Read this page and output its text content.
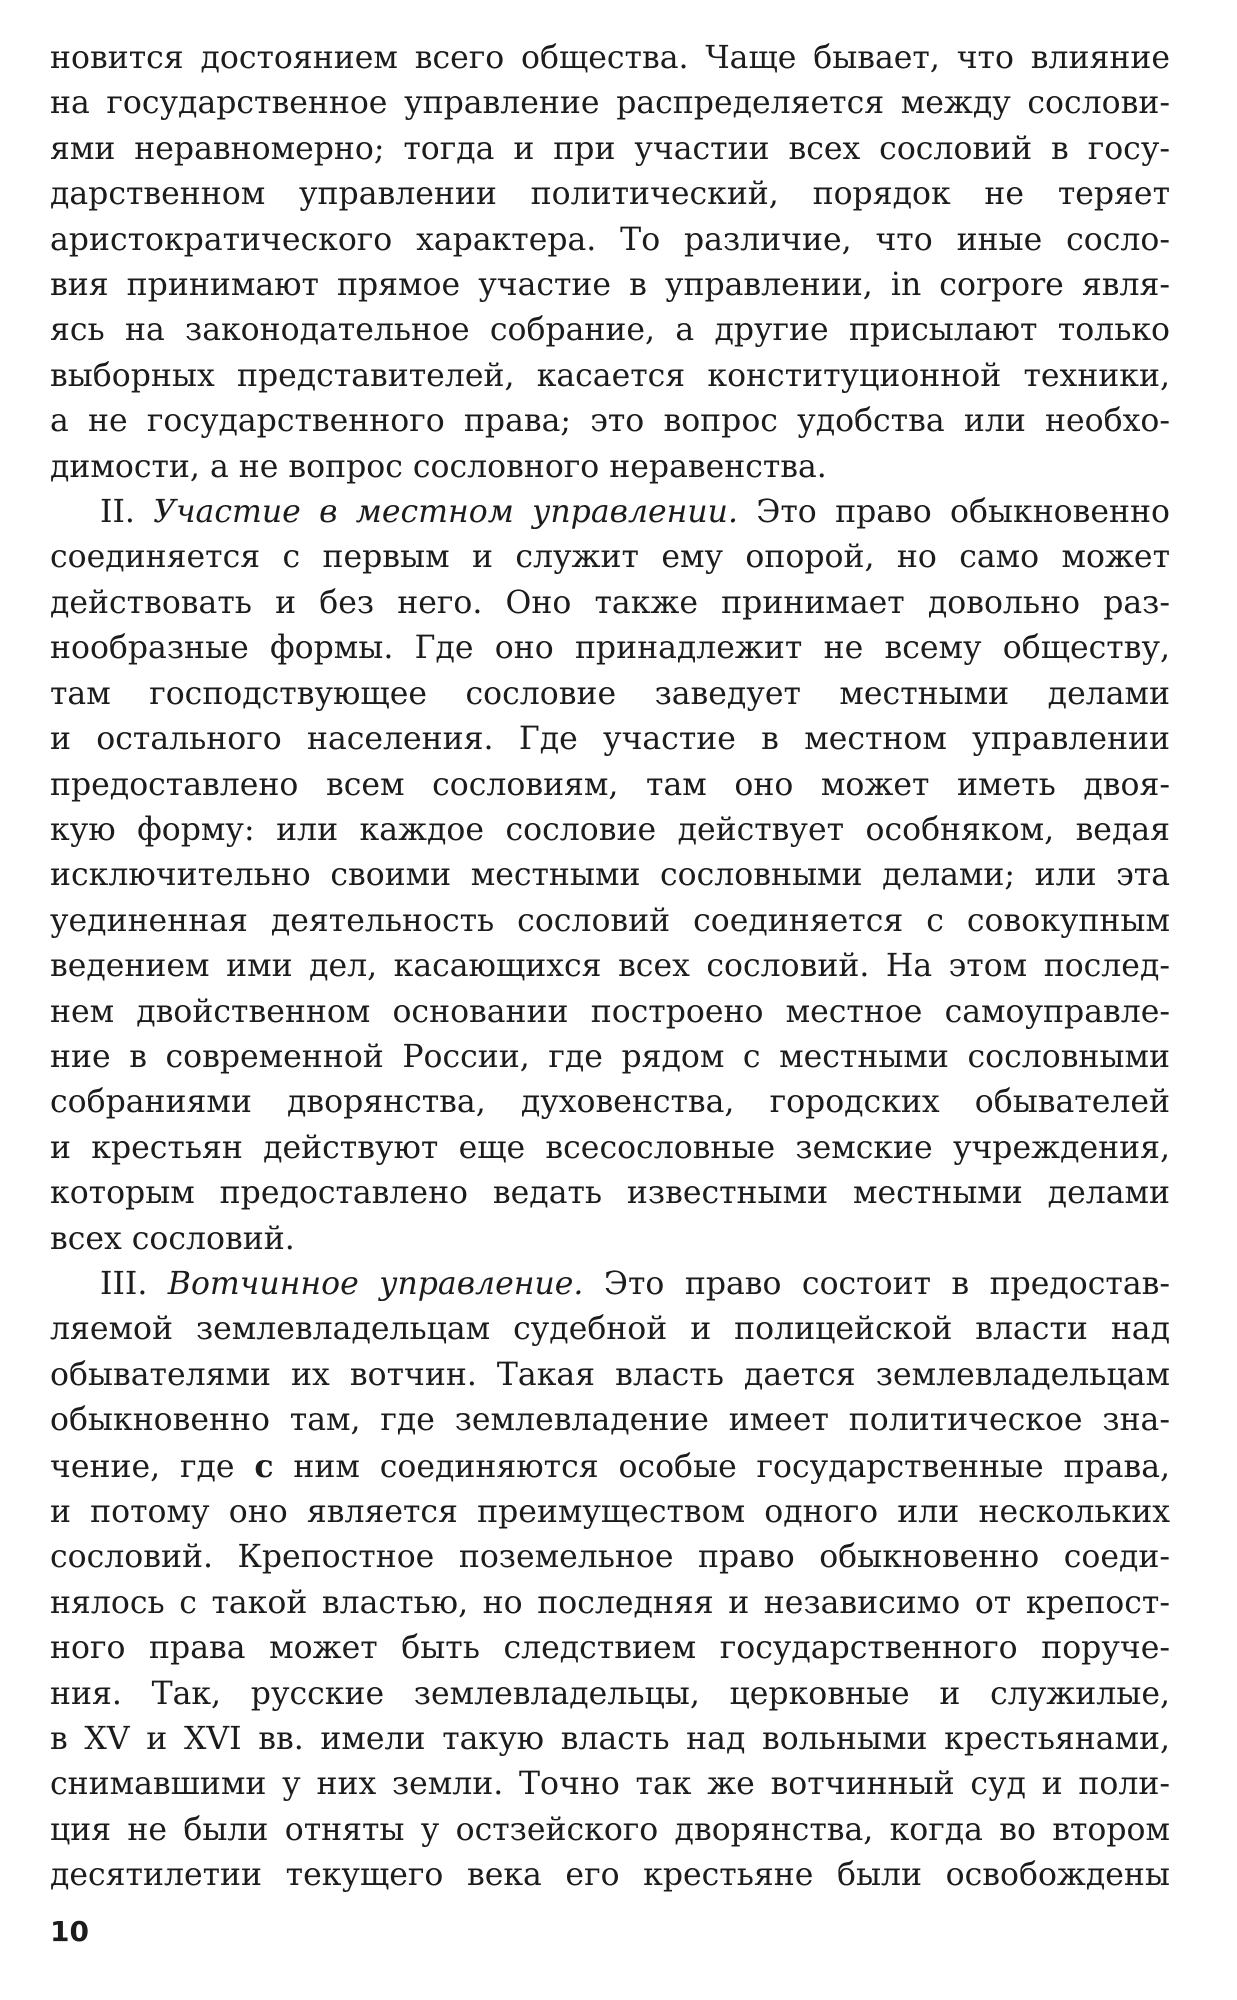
новится достоянием всего общества. Чаще бывает, что влияние
на государственное управление распределяется между сослови-
ями неравномерно; тогда и при участии всех сословий в госу-
дарственном управлении политический, порядок не теряет
аристократического характера. То различие, что иные сосло-
вия принимают прямое участие в управлении, in corpore явля-
ясь на законодательное собрание, а другие присылают только
выборных представителей, касается конституционной техники,
а не государственного права; это вопрос удобства или необхо-
димости, а не вопрос сословного неравенства.

II. Участие в местном управлении. Это право обыкновенно
соединяется с первым и служит ему опорой, но само может
действовать и без него. Оно также принимает довольно раз-
нообразные формы. Где оно принадлежит не всему обществу,
там господствующее сословие заведует местными делами
и остального населения. Где участие в местном управлении
предоставлено всем сословиям, там оно может иметь двоя-
кую форму: или каждое сословие действует особняком, ведая
исключительно своими местными сословными делами; или эта
уединенная деятельность сословий соединяется с совокупным
ведением ими дел, касающихся всех сословий. На этом послед-
нем двойственном основании построено местное самоуправле-
ние в современной России, где рядом с местными сословными
собраниями дворянства, духовенства, городских обывателей
и крестьян действуют еще всесословные земские учреждения,
которым предоставлено ведать известными местными делами
всех сословий.

III. Вотчинное управление. Это право состоит в предостав-
ляемой землевладельцам судебной и полицейской власти над
обывателями их вотчин. Такая власть дается землевладельцам
обыкновенно там, где землевладение имеет политическое зна-
чение, где с ним соединяются особые государственные права,
и потому оно является преимуществом одного или нескольких
сословий. Крепостное поземельное право обыкновенно соеди-
нялось с такой властью, но последняя и независимо от крепост-
ного права может быть следствием государственного поруче-
ния. Так, русские землевладельцы, церковные и служилые,
в XV и XVI вв. имели такую власть над вольными крестьянами,
снимавшими у них земли. Точно так же вотчинный суд и поли-
ция не были отняты у остзейского дворянства, когда во втором
десятилетии текущего века его крестьяне были освобождены

10
